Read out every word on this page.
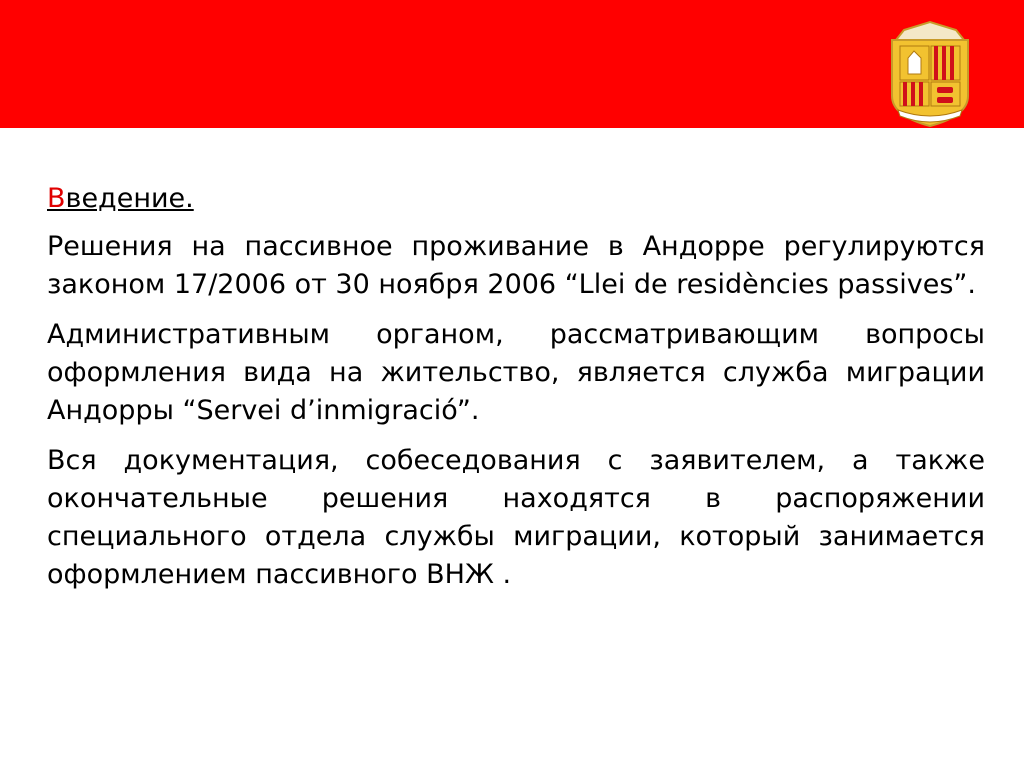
Введение.

Решения на пассивное проживание в Андорре регулируются законом 17/2006 от 30 ноября 2006 “Llei de residències passives”.

Административным органом, рассматривающим вопросы оформления вида на жительство, является служба миграции Андорры “Servei d’inmigració”.

Вся документация, собеседования с заявителем, а также окончательные решения находятся в распоряжении специального отдела службы миграции, который занимается оформлением пассивного ВНЖ .
